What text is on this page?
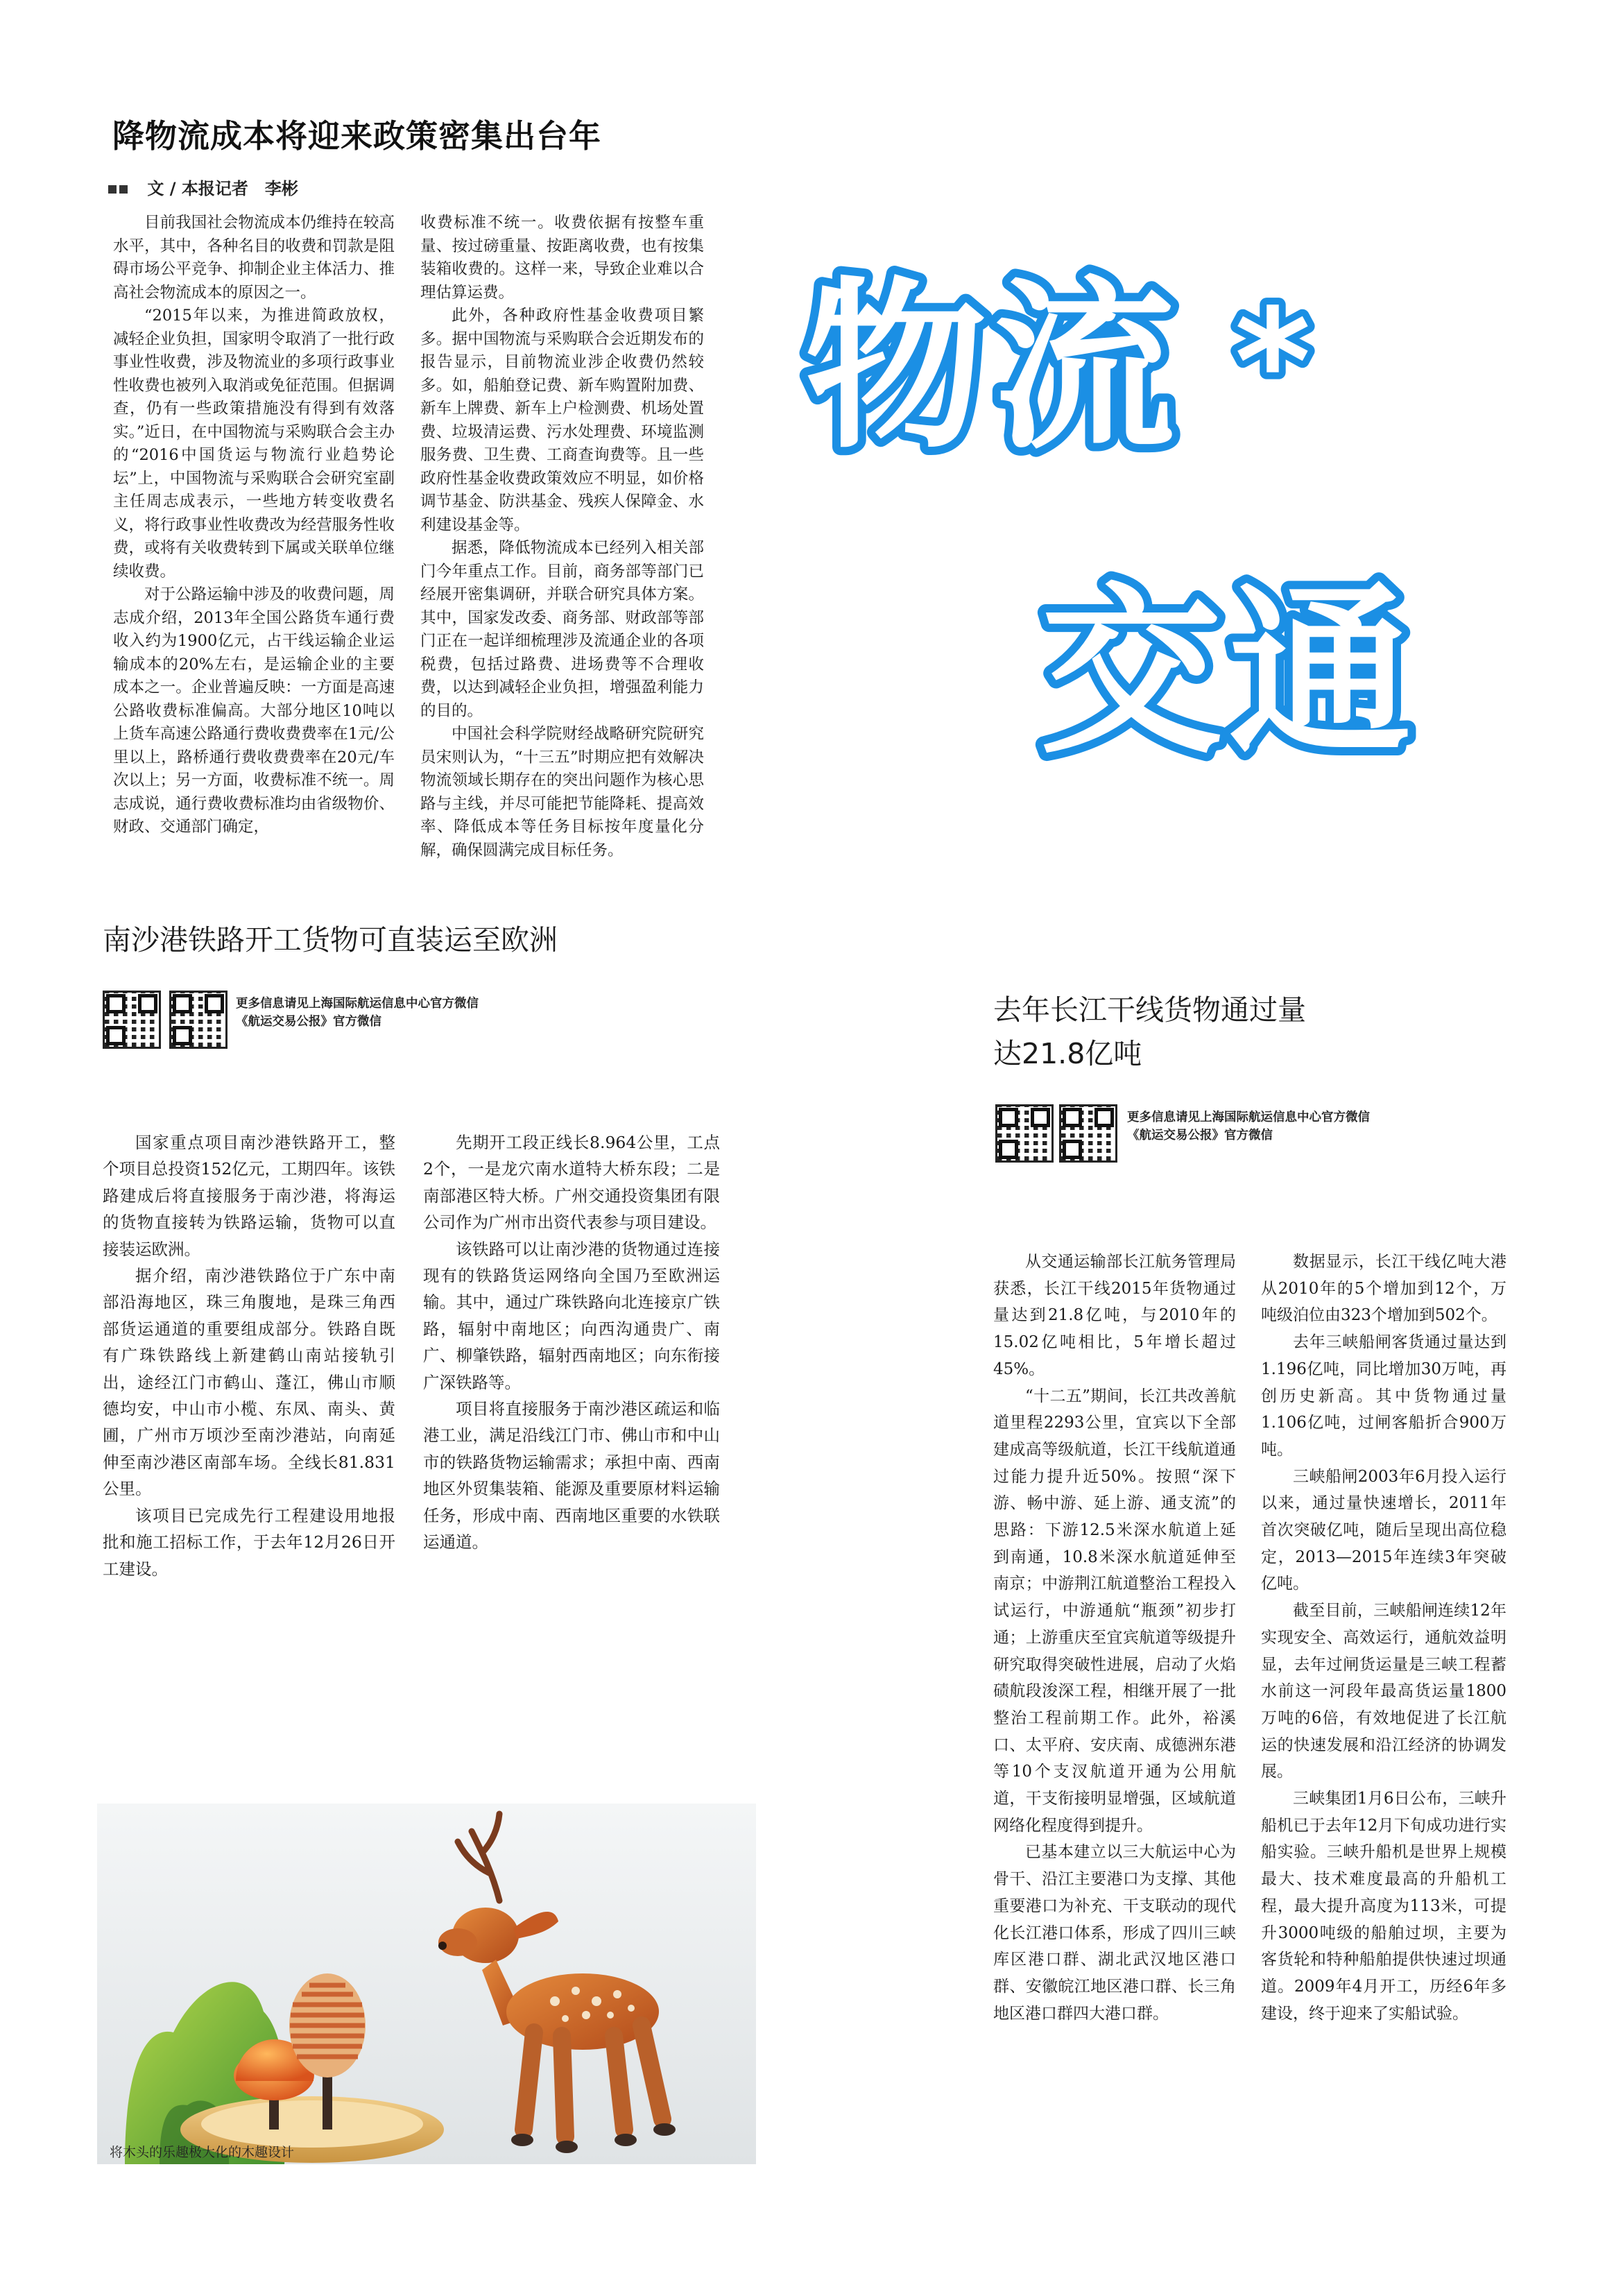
降物流成本将迎来政策密集出台年
文 / 本报记者　李彬

目前我国社会物流成本仍维持在较高水平，其中，各种名目的收费和罚款是阻碍市场公平竞争、抑制企业主体活力、推高社会物流成本的原因之一。

“2015年以来，为推进简政放权，减轻企业负担，国家明令取消了一批行政事业性收费，涉及物流业的多项行政事业性收费也被列入取消或免征范围。但据调查，仍有一些政策措施没有得到有效落实。”近日，在中国物流与采购联合会主办的“2016中国货运与物流行业趋势论坛”上，中国物流与采购联合会研究室副主任周志成表示，一些地方转变收费名义，将行政事业性收费改为经营服务性收费，或将有关收费转到下属或关联单位继续收费。

对于公路运输中涉及的收费问题，周志成介绍，2013年全国公路货车通行费收入约为1900亿元，占干线运输企业运输成本的20%左右，是运输企业的主要成本之一。企业普遍反映：一方面是高速公路收费标准偏高。大部分地区10吨以上货车高速公路通行费收费费率在1元/公里以上，路桥通行费收费费率在20元/车次以上；另一方面，收费标准不统一。周志成说，通行费收费标准均由省级物价、财政、交通部门确定，

收费标准不统一。收费依据有按整车重量、按过磅重量、按距离收费，也有按集装箱收费的。这样一来，导致企业难以合理估算运费。

此外，各种政府性基金收费项目繁多。据中国物流与采购联合会近期发布的报告显示，目前物流业涉企收费仍然较多。如，船舶登记费、新车购置附加费、新车上牌费、新车上户检测费、机场处置费、垃圾清运费、污水处理费、环境监测服务费、卫生费、工商查询费等。且一些政府性基金收费政策效应不明显，如价格调节基金、防洪基金、残疾人保障金、水利建设基金等。

据悉，降低物流成本已经列入相关部门今年重点工作。目前，商务部等部门已经展开密集调研，并联合研究具体方案。其中，国家发改委、商务部、财政部等部门正在一起详细梳理涉及流通企业的各项税费，包括过路费、进场费等不合理收费，以达到减轻企业负担，增强盈利能力的目的。

中国社会科学院财经战略研究院研究员宋则认为，“十三五”时期应把有效解决物流领域长期存在的突出问题作为核心思路与主线，并尽可能把节能降耗、提高效率、降低成本等任务目标按年度量化分解，确保圆满完成目标任务。

物流 *
交通
南沙港铁路开工货物可直装运至欧洲
更多信息请见上海国际航运信息中心官方微信
《航运交易公报》官方微信

国家重点项目南沙港铁路开工，整个项目总投资152亿元，工期四年。该铁路建成后将直接服务于南沙港，将海运的货物直接转为铁路运输，货物可以直接装运欧洲。

据介绍，南沙港铁路位于广东中南部沿海地区，珠三角腹地，是珠三角西部货运通道的重要组成部分。铁路自既有广珠铁路线上新建鹤山南站接轨引出，途经江门市鹤山、蓬江，佛山市顺德均安，中山市小榄、东凤、南头、黄圃，广州市万顷沙至南沙港站，向南延伸至南沙港区南部车场。全线长81.831公里。

该项目已完成先行工程建设用地报批和施工招标工作，于去年12月26日开工建设。

先期开工段正线长8.964公里，工点2个，一是龙穴南水道特大桥东段；二是南部港区特大桥。广州交通投资集团有限公司作为广州市出资代表参与项目建设。

该铁路可以让南沙港的货物通过连接现有的铁路货运网络向全国乃至欧洲运输。其中，通过广珠铁路向北连接京广铁路，辐射中南地区；向西沟通贵广、南广、柳肇铁路，辐射西南地区；向东衔接广深铁路等。

项目将直接服务于南沙港区疏运和临港工业，满足沿线江门市、佛山市和中山市的铁路货物运输需求；承担中南、西南地区外贸集装箱、能源及重要原材料运输任务，形成中南、西南地区重要的水铁联运通道。

去年长江干线货物通过量
达21.8亿吨
更多信息请见上海国际航运信息中心官方微信
《航运交易公报》官方微信

从交通运输部长江航务管理局获悉，长江干线2015年货物通过量达到21.8亿吨，与2010年的15.02亿吨相比，5年增长超过45%。

“十二五”期间，长江共改善航道里程2293公里，宜宾以下全部建成高等级航道，长江干线航道通过能力提升近50%。按照“深下游、畅中游、延上游、通支流”的思路：下游12.5米深水航道上延到南通，10.8米深水航道延伸至南京；中游荆江航道整治工程投入试运行，中游通航“瓶颈”初步打通；上游重庆至宜宾航道等级提升研究取得突破性进展，启动了火焰碛航段浚深工程，相继开展了一批整治工程前期工作。此外，裕溪口、太平府、安庆南、成德洲东港等10个支汊航道开通为公用航道，干支衔接明显增强，区域航道网络化程度得到提升。

已基本建立以三大航运中心为骨干、沿江主要港口为支撑、其他重要港口为补充、干支联动的现代化长江港口体系，形成了四川三峡库区港口群、湖北武汉地区港口群、安徽皖江地区港口群、长三角地区港口群四大港口群。

数据显示，长江干线亿吨大港从2010年的5个增加到12个，万吨级泊位由323个增加到502个。

去年三峡船闸客货通过量达到1.196亿吨，同比增加30万吨，再创历史新高。其中货物通过量1.106亿吨，过闸客船折合900万吨。

三峡船闸2003年6月投入运行以来，通过量快速增长，2011年首次突破亿吨，随后呈现出高位稳定，2013—2015年连续3年突破亿吨。

截至目前，三峡船闸连续12年实现安全、高效运行，通航效益明显，去年过闸货运量是三峡工程蓄水前这一河段年最高货运量1800万吨的6倍，有效地促进了长江航运的快速发展和沿江经济的协调发展。

三峡集团1月6日公布，三峡升船机已于去年12月下旬成功进行实船实验。三峡升船机是世界上规模最大、技术难度最高的升船机工程，最大提升高度为113米，可提升3000吨级的船舶过坝，主要为客货轮和特种船舶提供快速过坝通道。2009年4月开工，历经6年多建设，终于迎来了实船试验。

将木头的乐趣极大化的木趣设计
